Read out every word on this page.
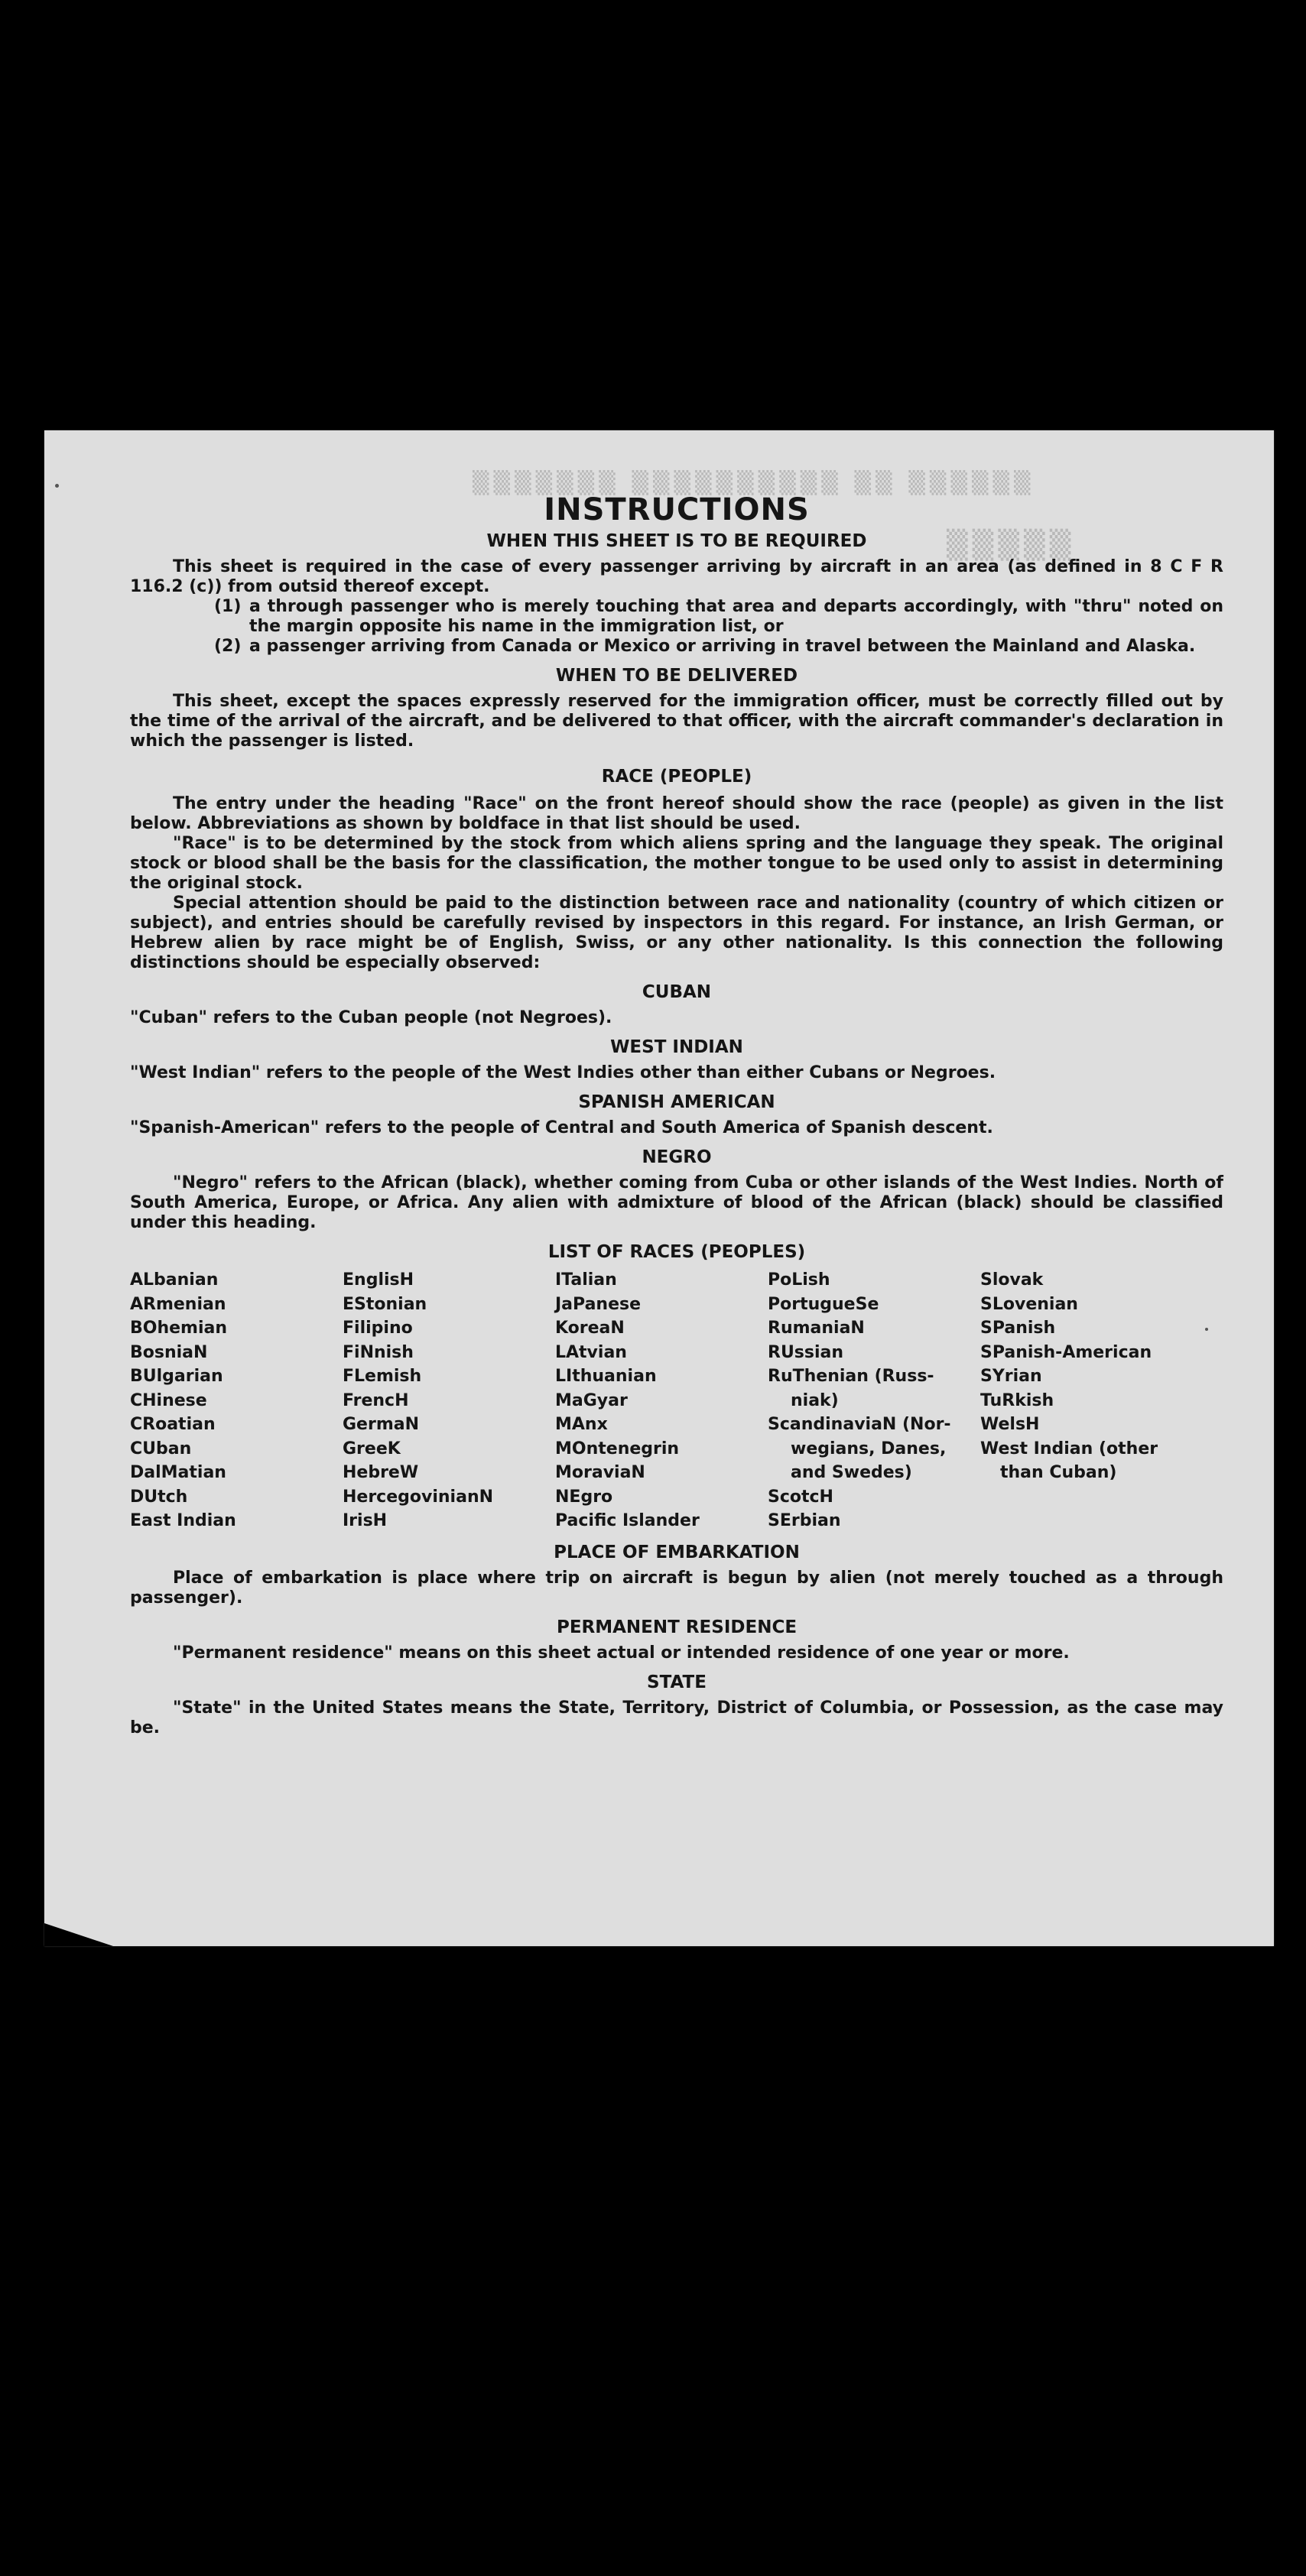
▒▒▒▒▒▒▒ ▒▒▒▒▒▒▒▒▒▒ ▒▒ ▒▒▒▒▒▒
▒▒▒▒▒
INSTRUCTIONS
WHEN THIS SHEET IS TO BE REQUIRED

This sheet is required in the case of every passenger arriving by aircraft in an area (as defined in 8 C F R 116.2 (c)) from outsid thereof except.

(1) a through passenger who is merely touching that area and departs accordingly, with "thru" noted on the margin opposite his name in the immigration list, or
(2) a passenger arriving from Canada or Mexico or arriving in travel between the Mainland and Alaska.
WHEN TO BE DELIVERED

This sheet, except the spaces expressly reserved for the immigration officer, must be correctly filled out by the time of the arrival of the aircraft, and be delivered to that officer, with the aircraft commander's declaration in which the passenger is listed.

RACE (PEOPLE)

The entry under the heading "Race" on the front hereof should show the race (people) as given in the list below. Abbreviations as shown by boldface in that list should be used.

"Race" is to be determined by the stock from which aliens spring and the language they speak. The original stock or blood shall be the basis for the classification, the mother tongue to be used only to assist in determining the original stock.

Special attention should be paid to the distinction between race and nationality (country of which citizen or subject), and entries should be carefully revised by inspectors in this regard. For instance, an Irish German, or Hebrew alien by race might be of English, Swiss, or any other nationality. Is this connection the following distinctions should be especially observed:

CUBAN

"Cuban" refers to the Cuban people (not Negroes).

WEST INDIAN

"West Indian" refers to the people of the West Indies other than either Cubans or Negroes.

SPANISH AMERICAN

"Spanish-American" refers to the people of Central and South America of Spanish descent.

NEGRO

"Negro" refers to the African (black), whether coming from Cuba or other islands of the West Indies. North of South America, Europe, or Africa. Any alien with admixture of blood of the African (black) should be classified under this heading.

LIST OF RACES (PEOPLES)
ALbanian
ARmenian
BOhemian
BosniaN
BUlgarian
CHinese
CRoatian
CUban
DalMatian
DUtch
East Indian
EnglisH
EStonian
Filipino
FiNnish
FLemish
FrencH
GermaN
GreeK
HebreW
HercegovinianN
IrisH
ITalian
JaPanese
KoreaN
LAtvian
LIthuanian
MaGyar
MAnx
MOntenegrin
MoraviaN
NEgro
Pacific Islander
PoLish
PortugueSe
RumaniaN
RUssian
RuThenian (Russ-
niak)
ScandinaviaN (Nor-
wegians, Danes,
and Swedes)
ScotcH
SErbian
Slovak
SLovenian
SPanish
SPanish-American
SYrian
TuRkish
WelsH
West Indian (other
than Cuban)
PLACE OF EMBARKATION

Place of embarkation is place where trip on aircraft is begun by alien (not merely touched as a through passenger).

PERMANENT RESIDENCE

"Permanent residence" means on this sheet actual or intended residence of one year or more.

STATE

"State" in the United States means the State, Territory, District of Columbia, or Possession, as the case may be.
